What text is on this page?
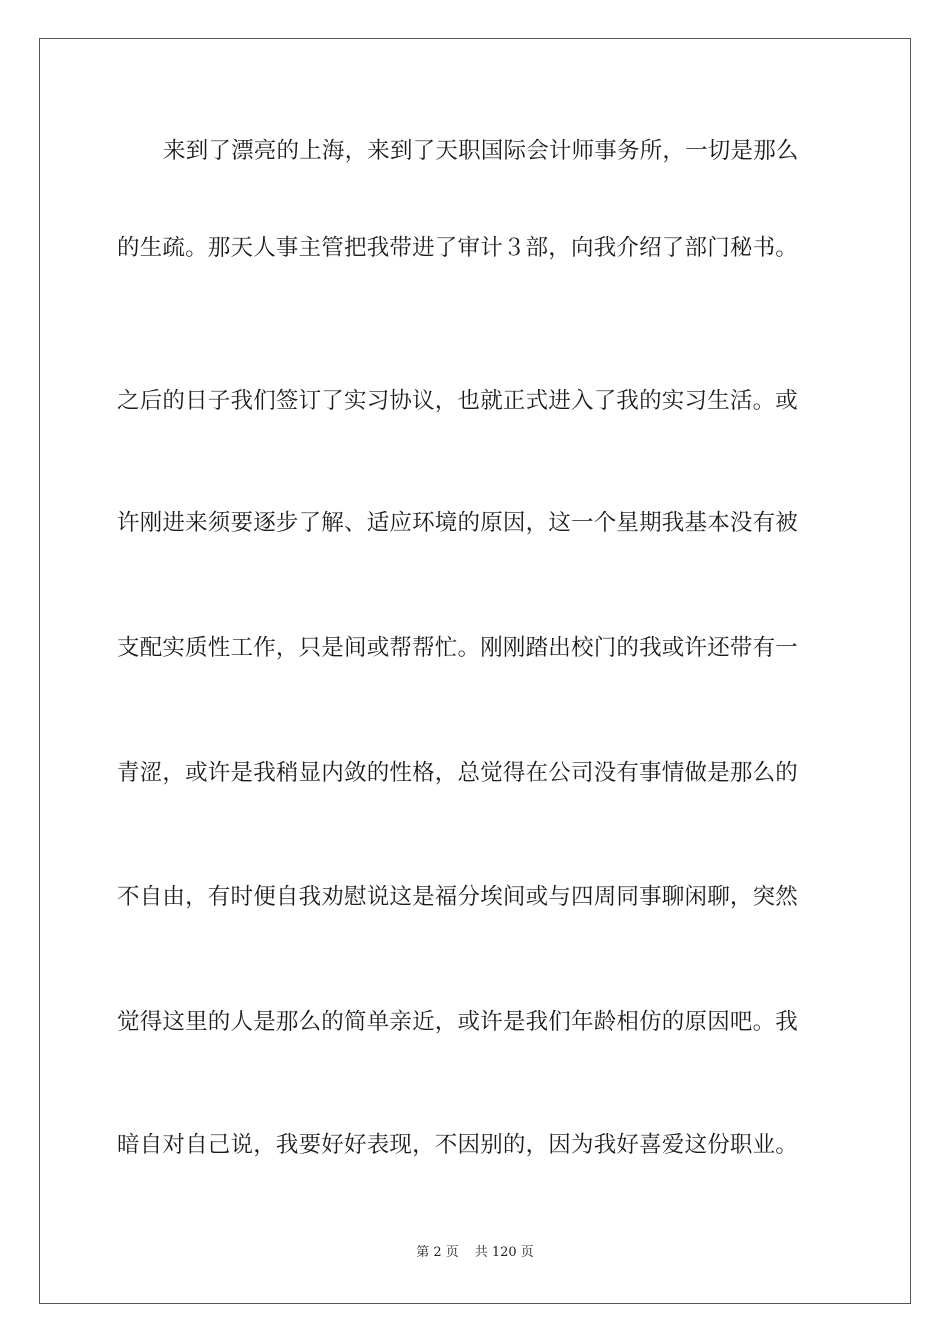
来到了漂亮的上海，来到了天职国际会计师事务所，一切是那么
的生疏。那天人事主管把我带进了审计３部，向我介绍了部门秘书。
之后的日子我们签订了实习协议，也就正式进入了我的实习生活。或
许刚进来须要逐步了解、适应环境的原因，这一个星期我基本没有被
支配实质性工作，只是间或帮帮忙。刚刚踏出校门的我或许还带有一
青涩，或许是我稍显内敛的性格，总觉得在公司没有事情做是那么的
不自由，有时便自我劝慰说这是福分埃间或与四周同事聊闲聊，突然
觉得这里的人是那么的简单亲近，或许是我们年龄相仿的原因吧。我
暗自对自己说，我要好好表现，不因别的，因为我好喜爱这份职业。
第 2 页 共 120 页
